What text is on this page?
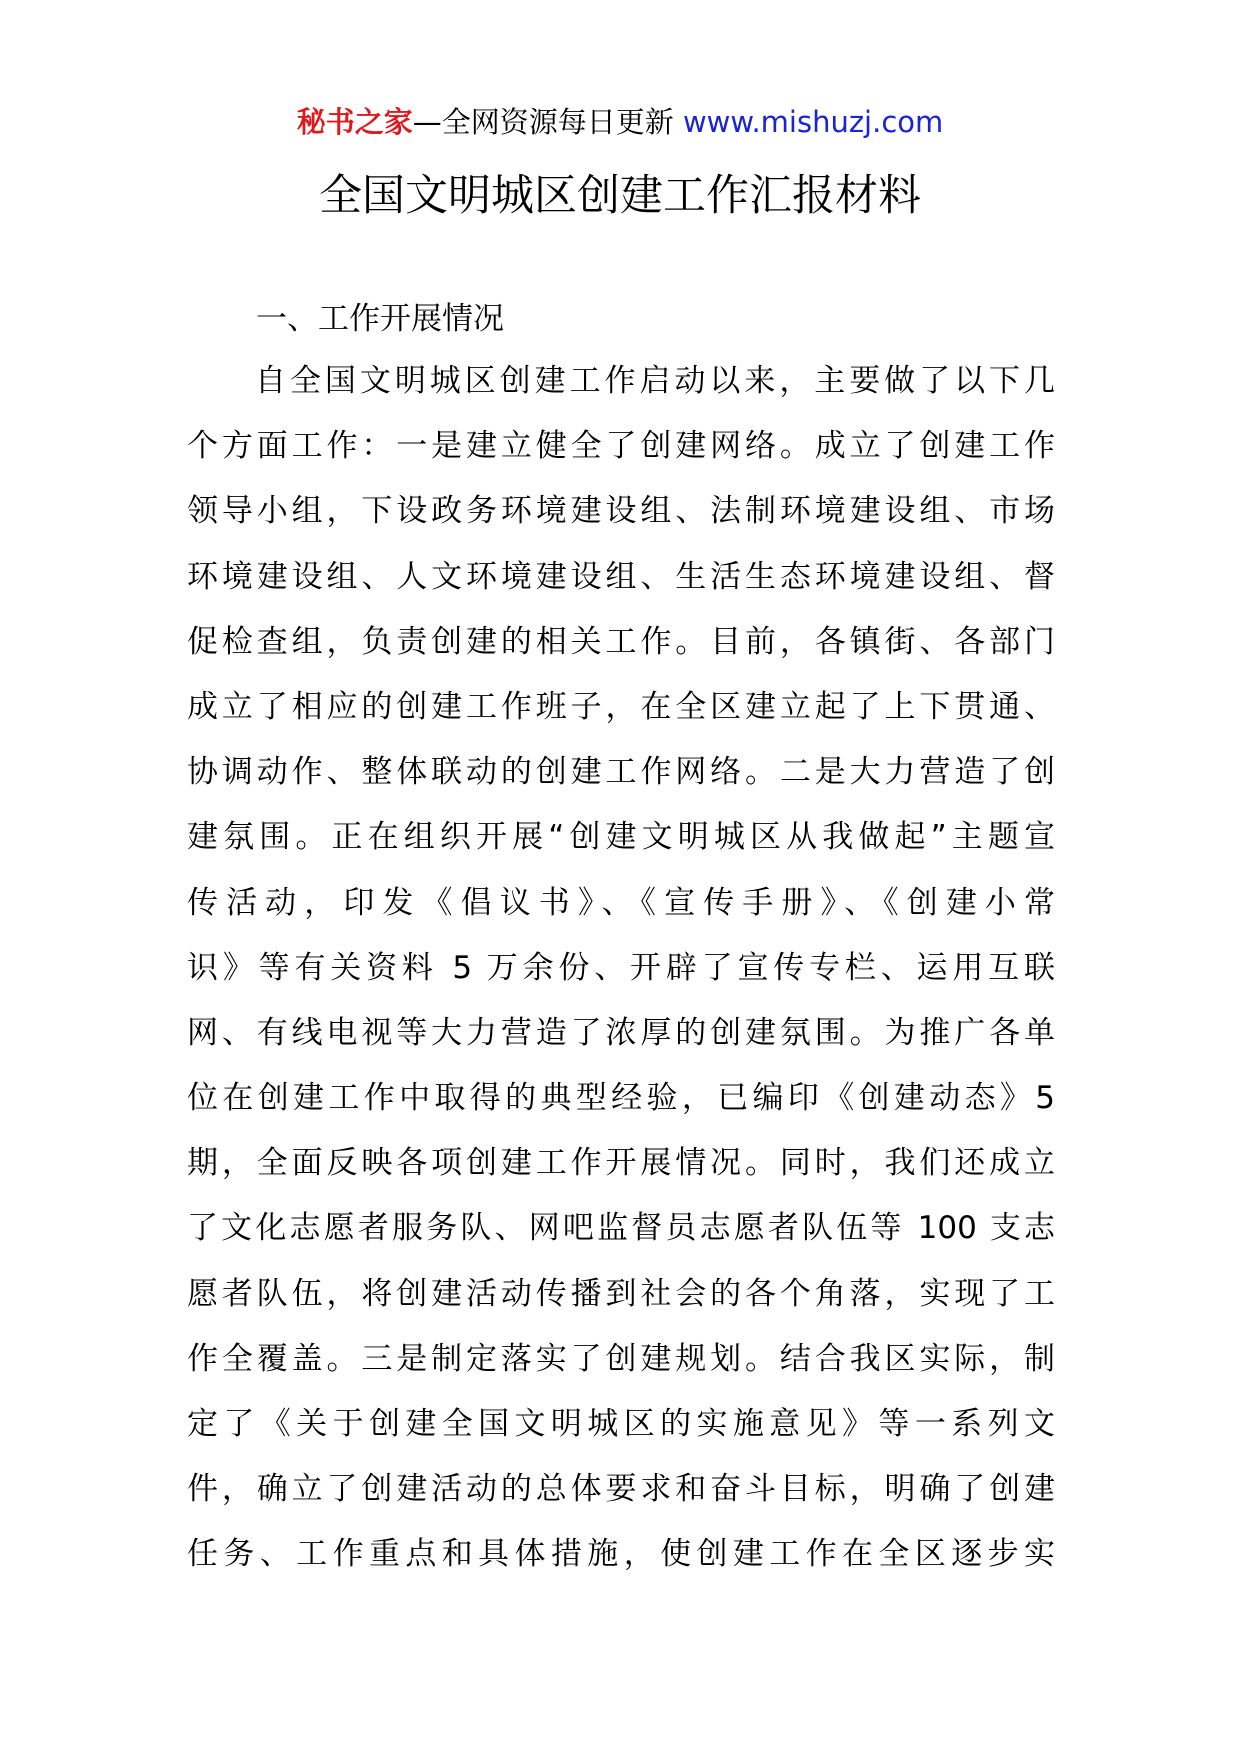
秘书之家—全网资源每日更新 www.mishuzj.com
全国文明城区创建工作汇报材料
一、工作开展情况
自全国文明城区创建工作启动以来，主要做了以下几
个方面工作：一是建立健全了创建网络。成立了创建工作
领导小组，下设政务环境建设组、法制环境建设组、市场
环境建设组、人文环境建设组、生活生态环境建设组、督
促检查组，负责创建的相关工作。目前，各镇街、各部门
成立了相应的创建工作班子，在全区建立起了上下贯通、
协调动作、整体联动的创建工作网络。二是大力营造了创
建氛围。正在组织开展“创建文明城区从我做起”主题宣
传活动，印发《倡议书》、《宣传手册》、《创建小常
识》等有关资料 5 万余份、开辟了宣传专栏、运用互联
网、有线电视等大力营造了浓厚的创建氛围。为推广各单
位在创建工作中取得的典型经验，已编印《创建动态》5
期，全面反映各项创建工作开展情况。同时，我们还成立
了文化志愿者服务队、网吧监督员志愿者队伍等 100 支志
愿者队伍，将创建活动传播到社会的各个角落，实现了工
作全覆盖。三是制定落实了创建规划。结合我区实际，制
定了《关于创建全国文明城区的实施意见》等一系列文
件，确立了创建活动的总体要求和奋斗目标，明确了创建
任务、工作重点和具体措施，使创建工作在全区逐步实
